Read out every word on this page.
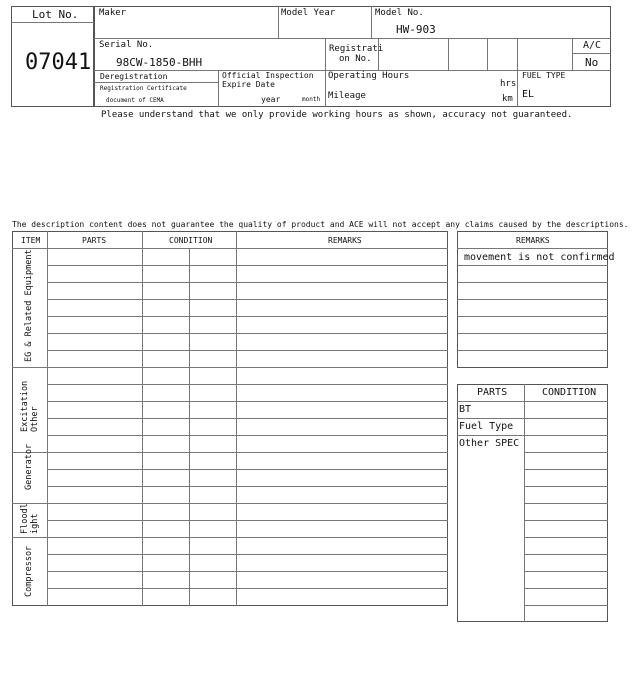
Lot No.
07041
Maker	Model Year	Model No.
HW-903
Serial No.
98CW-1850-BHH
Registrati
on No.
A/C
No
Deregistration
Registration Certificate
document of CEMA
Official Inspection
Expire Date
year	month
Operating Hours
hrs
Mileage	km
FUEL TYPE
EL
Please understand that we only provide working hours as shown, accuracy not guaranteed.
The description content does not guarantee the quality of product and ACE will not accept any claims caused by the descriptions.
ITEM	PARTS	CONDITION	REMARKS
EG & Related Equipment
Excitation Other
Generator
Floodl ight
Compressor
REMARKS
movement is not confirmed
PARTS	CONDITION
BT
Fuel Type
Other SPEC
